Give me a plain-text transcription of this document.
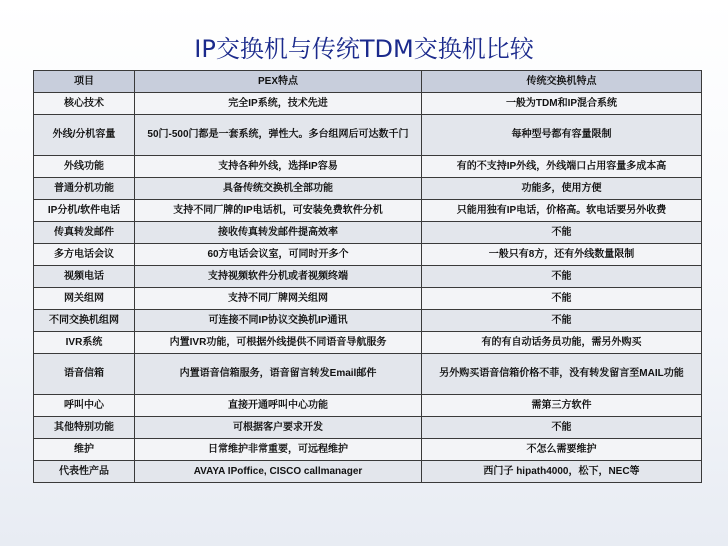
IP交换机与传统TDM交换机比较
项目	PEX特点	传统交换机特点
核心技术	完全IP系统，技术先进	一般为TDM和IP混合系统
外线/分机容量	50门-500门都是一套系统，弹性大。多台组网后可达数千门	每种型号都有容量限制
外线功能	支持各种外线，选择IP容易	有的不支持IP外线，外线端口占用容量多成本高
普通分机功能	具备传统交换机全部功能	功能多，使用方便
IP分机/软件电话	支持不同厂牌的IP电话机，可安装免费软件分机	只能用独有IP电话，价格高。软电话要另外收费
传真转发邮件	接收传真转发邮件提高效率	不能
多方电话会议	60方电话会议室，可同时开多个	一般只有8方，还有外线数量限制
视频电话	支持视频软件分机或者视频终端	不能
网关组网	支持不同厂牌网关组网	不能
不同交换机组网	可连接不同IP协议交换机IP通讯	不能
IVR系统	内置IVR功能，可根据外线提供不同语音导航服务	有的有自动话务员功能，需另外购买
语音信箱	内置语音信箱服务，语音留言转发Email邮件	另外购买语音信箱价格不菲，没有转发留言至MAIL功能
呼叫中心	直接开通呼叫中心功能	需第三方软件
其他特别功能	可根据客户要求开发	不能
维护	日常维护非常重要，可远程维护	不怎么需要维护
代表性产品	AVAYA IPoffice, CISCO callmanager	西门子 hipath4000，松下，NEC等
